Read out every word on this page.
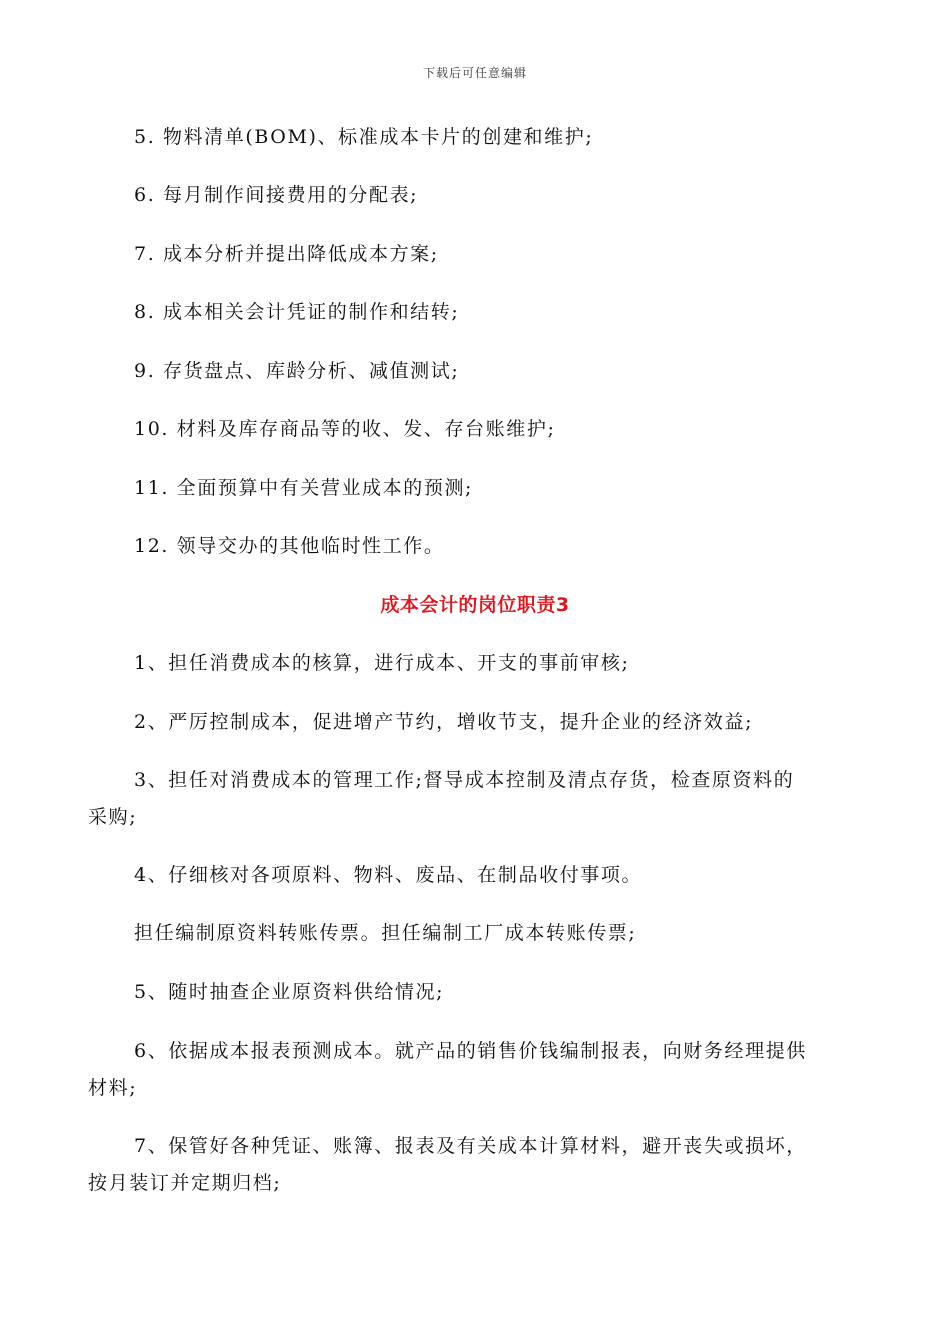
下载后可任意编辑
5. 物料清单(BOM)、标准成本卡片的创建和维护;
6. 每月制作间接费用的分配表;
7. 成本分析并提出降低成本方案;
8. 成本相关会计凭证的制作和结转;
9. 存货盘点、库龄分析、减值测试;
10. 材料及库存商品等的收、发、存台账维护;
11. 全面预算中有关营业成本的预测;
12. 领导交办的其他临时性工作。
成本会计的岗位职责3
1、担任消费成本的核算，进行成本、开支的事前审核;
2、严厉控制成本，促进增产节约，增收节支，提升企业的经济效益;
3、担任对消费成本的管理工作;督导成本控制及清点存货，检查原资料的
采购;
4、仔细核对各项原料、物料、废品、在制品收付事项。
担任编制原资料转账传票。担任编制工厂成本转账传票;
5、随时抽查企业原资料供给情况;
6、依据成本报表预测成本。就产品的销售价钱编制报表，向财务经理提供
材料;
7、保管好各种凭证、账簿、报表及有关成本计算材料，避开丧失或损坏，
按月装订并定期归档;
